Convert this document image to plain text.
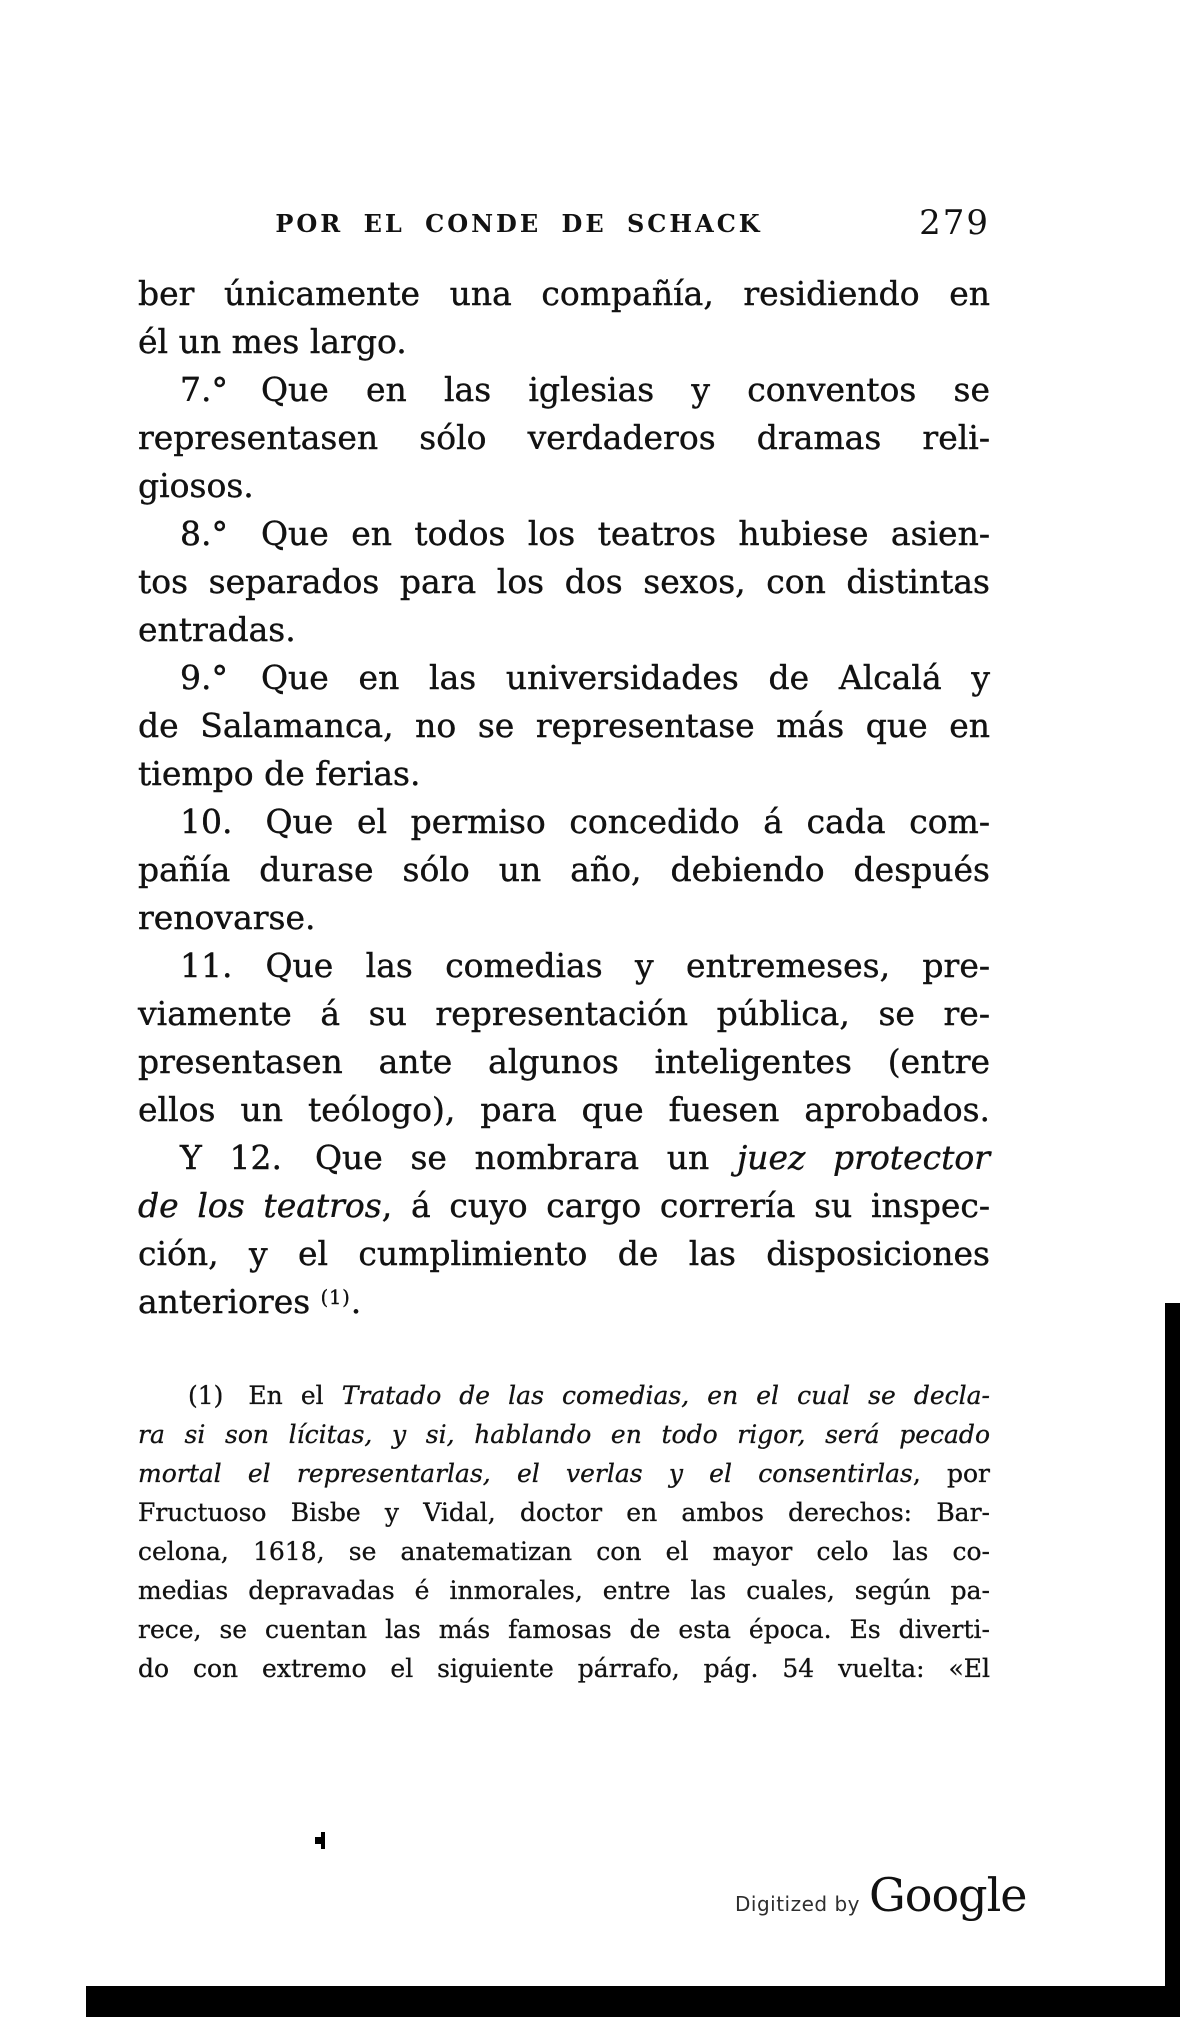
POR EL CONDE DE SCHACK	279
ber únicamente una compañía, residiendo en
él un mes largo.
7.° Que en las iglesias y conventos se
representasen sólo verdaderos dramas reli-
giosos.
8.° Que en todos los teatros hubiese asien-
tos separados para los dos sexos, con distintas
entradas.
9.° Que en las universidades de Alcalá y
de Salamanca, no se representase más que en
tiempo de ferias.
10. Que el permiso concedido á cada com-
pañía durase sólo un año, debiendo después
renovarse.
11. Que las comedias y entremeses, pre-
viamente á su representación pública, se re-
presentasen ante algunos inteligentes (entre
ellos un teólogo), para que fuesen aprobados.
Y 12. Que se nombrara un juez protector
de los teatros, á cuyo cargo correría su inspec-
ción, y el cumplimiento de las disposiciones
anteriores $^{(1)}$.
(1) En el Tratado de las comedias, en el cual se decla-
ra si son lícitas, y si, hablando en todo rigor, será pecado
mortal el representarlas, el verlas y el consentirlas, por
Fructuoso Bisbe y Vidal, doctor en ambos derechos: Bar-
celona, 1618, se anatematizan con el mayor celo las co-
medias depravadas é inmorales, entre las cuales, según pa-
rece, se cuentan las más famosas de esta época. Es diverti-
do con extremo el siguiente párrafo, pág. 54 vuelta: «El
Digitized by Google
